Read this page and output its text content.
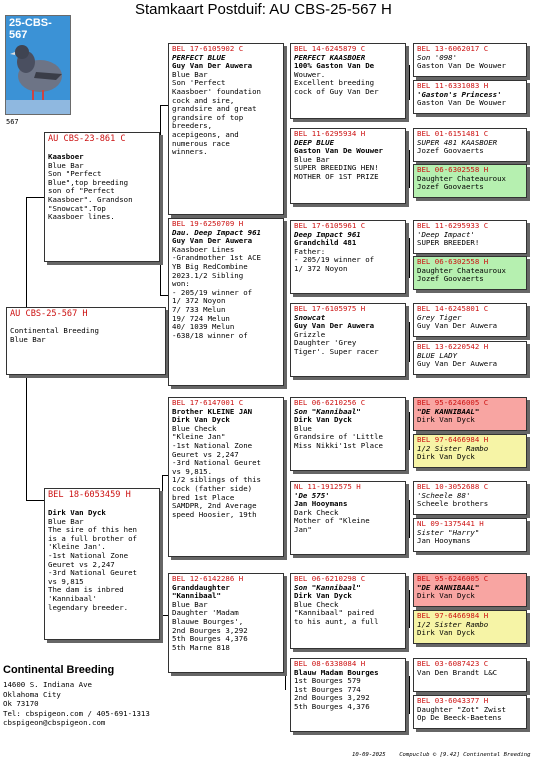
Stamkaart Postduif: AU CBS-25-567 H
25-CBS-567
567
AU CBS-25-567 H
Continental Breeding
Blue Bar
AU CBS-23-861 C
Kaasboer
Blue Bar
Son "Perfect
Blue",top breeding
son of "Perfect
Kaasboer". Grandson
"Snowcat".Top
Kaasboer lines.
BEL 18-6053459 H
Dirk Van Dyck
Blue Bar
The sire of this hen
is a full brother of
'Kleine Jan'.
-1st National Zone
Geuret vs 2,247
-3rd National Geuret
vs 9,815
The dam is inbred
'Kannibaal'
legendary breeder.
BEL 17-6105902 C
PERFECT BLUE
Guy Van Der Auwera
Blue Bar
Son 'Perfect
Kaasboer' foundation
cock and sire,
grandsire and great
grandsire of top
breeders,
acepigeons, and
numerous race
winners.
BEL 19-6250709 H
Dau. Deep Impact 961
Guy Van Der Auwera
Kaasboer Lines
-Grandmother 1st ACE
YB Big RedCombine
2023.1/2 Sibling
won:
- 205/19 winner of
1/ 372 Noyon
7/ 733 Melun
19/ 724 Melun
40/ 1039 Melun
-638/18 winner of
BEL 17-6147001 C
Brother KLEINE JAN
Dirk Van Dyck
Blue Check
"Kleine Jan"
-1st National Zone
Geuret vs 2,247
-3rd National Geuret
vs 9,815.
1/2 siblings of this
cock (father side)
bred 1st Place
SAMDPR, 2nd Average
speed Hoosier, 19th
BEL 12-6142286 H
Granddaughter
"Kannibaal"
Blue Bar
Daughter 'Madam
Blauwe Bourges',
2nd Bourges 3,292
5th Bourges 4,376
5th Marne 818
BEL 14-6245879 C
PERFECT KAASBOER
100% Gaston Van De
Wouwer.
Excellent breeding
cock of Guy Van Der
BEL 11-6295934 H
DEEP BLUE
Gaston Van De Wouwer
Blue Bar
SUPER BREEDING HEN!
MOTHER OF 1ST PRIZE
BEL 17-6105961 C
Deep Impact 961
Grandchild 481
Father:
- 205/19 winner of
1/ 372 Noyon
BEL 17-6105975 H
Snowcat
Guy Van Der Auwera
Grizzle
Daughter 'Grey
Tiger'. Super racer
BEL 06-6210256 C
Son "Kannibaal"
Dirk Van Dyck
Blue
Grandsire of 'Little
Miss Nikki'1st Place
NL 11-1912575 H
'De 575'
Jan Hooymans
Dark Check
Mother of "Kleine
Jan"
BEL 06-6210298 C
Son "Kannibaal"
Dirk Van Dyck
Blue Check
"Kannibaal" paired
to his aunt, a full
BEL 08-6338084 H
Blauw Madam Bourges
1st Bourges 579
1st Bourges 774
2nd Bourges 3,292
5th Bourges 4,376
BEL 13-6062017 C
Son '098'
Gaston Van De Wouwer
BEL 11-6331083 H
'Gaston's Princess'
Gaston Van De Wouwer
BEL 01-6151481 C
SUPER 481 KAASBOER
Jozef Goovaerts
BEL 06-6302558 H
Daughter Chateauroux
Jozef Goovaerts
BEL 11-6295933 C
'Deep Impact'
SUPER BREEDER!
BEL 06-6302558 H
Daughter Chateauroux
Jozef Goovaerts
BEL 14-6245801 C
Grey Tiger
Guy Van Der Auwera
BEL 13-6220542 H
BLUE LADY
Guy Van Der Auwera
BEL 95-6246005 C
"DE KANNIBAAL"
Dirk Van Dyck
BEL 97-6466984 H
1/2 Sister Rambo
Dirk Van Dyck
BEL 10-3052688 C
'Scheele 88'
Scheele brothers
NL 09-1375441 H
Sister "Harry"
Jan Hooymans
BEL 95-6246005 C
"DE KANNIBAAL"
Dirk Van Dyck
BEL 97-6466984 H
1/2 Sister Rambo
Dirk Van Dyck
BEL 03-6087423 C
Van Den Brandt L&C
BEL 03-6043377 H
Daughter "Zot" Zwist
Op De Beeck-Baetens
Continental Breeding
14600 S. Indiana Ave
Oklahoma City
Ok 73170
Tel: cbspigeon.com / 405-691-1313
cbspigeon@cbspigeon.com
10-09-2025 Compuclub © [9.42] Continental Breeding
